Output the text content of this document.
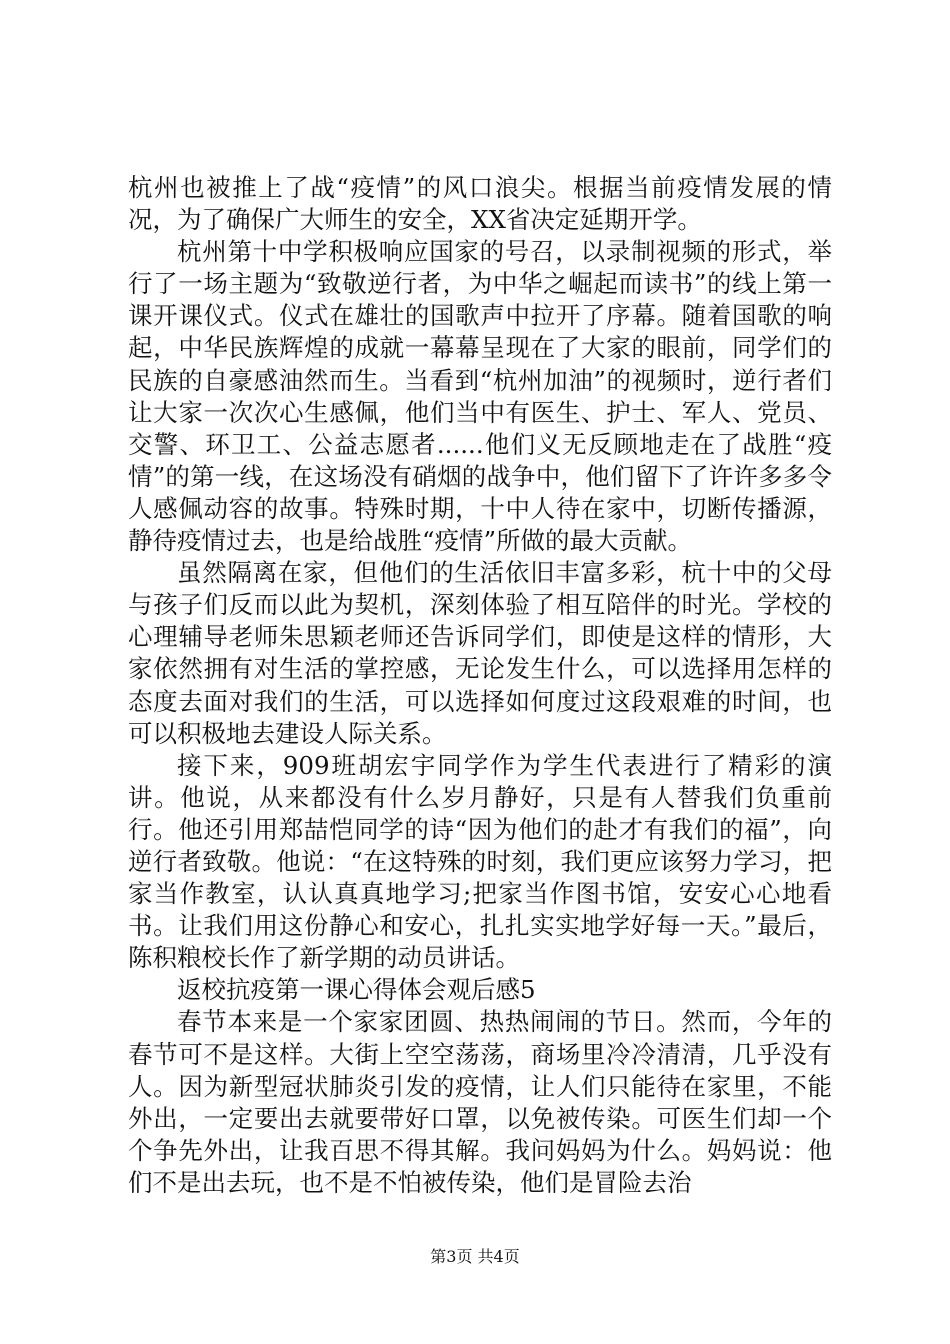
杭州也被推上了战“疫情”的风口浪尖。根据当前疫情发展的情况，为了确保广大师生的安全，XX省决定延期开学。

杭州第十中学积极响应国家的号召，以录制视频的形式，举行了一场主题为“致敬逆行者，为中华之崛起而读书”的线上第一课开课仪式。仪式在雄壮的国歌声中拉开了序幕。随着国歌的响起，中华民族辉煌的成就一幕幕呈现在了大家的眼前，同学们的民族的自豪感油然而生。当看到“杭州加油”的视频时，逆行者们让大家一次次心生感佩，他们当中有医生、护士、军人、党员、交警、环卫工、公益志愿者......他们义无反顾地走在了战胜“疫情”的第一线，在这场没有硝烟的战争中，他们留下了许许多多令人感佩动容的故事。特殊时期，十中人待在家中，切断传播源，静待疫情过去，也是给战胜“疫情”所做的最大贡献。

虽然隔离在家，但他们的生活依旧丰富多彩，杭十中的父母与孩子们反而以此为契机，深刻体验了相互陪伴的时光。学校的心理辅导老师朱思颖老师还告诉同学们，即使是这样的情形，大家依然拥有对生活的掌控感，无论发生什么，可以选择用怎样的态度去面对我们的生活，可以选择如何度过这段艰难的时间，也可以积极地去建设人际关系。

接下来，909班胡宏宇同学作为学生代表进行了精彩的演讲。他说，从来都没有什么岁月静好，只是有人替我们负重前行。他还引用郑喆恺同学的诗“因为他们的赴才有我们的福”，向逆行者致敬。他说：“在这特殊的时刻，我们更应该努力学习，把家当作教室，认认真真地学习;把家当作图书馆，安安心心地看书。让我们用这份静心和安心，扎扎实实地学好每一天。”最后，陈积粮校长作了新学期的动员讲话。

返校抗疫第一课心得体会观后感5

春节本来是一个家家团圆、热热闹闹的节日。然而，今年的春节可不是这样。大街上空空荡荡，商场里冷冷清清，几乎没有人。因为新型冠状肺炎引发的疫情，让人们只能待在家里，不能外出，一定要出去就要带好口罩，以免被传染。可医生们却一个个争先外出，让我百思不得其解。我问妈妈为什么。妈妈说：他们不是出去玩，也不是不怕被传染，他们是冒险去治

第3页 共4页
